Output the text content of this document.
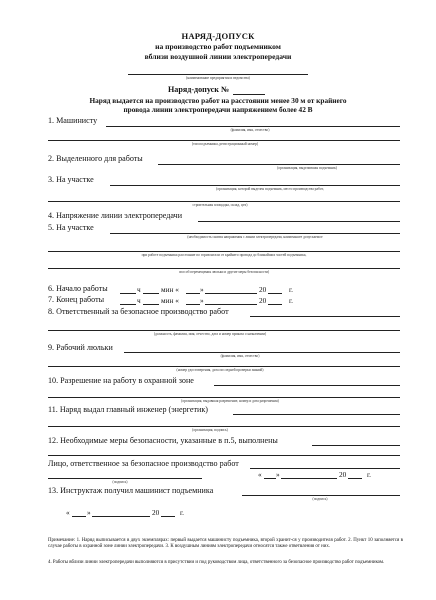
НАРЯД-ДОПУСК
на производство работ подъемником
вблизи воздушной линии электропередачи
(наименование предприятия и ведомства)
Наряд-допуск №
Наряд выдается на производство работ на расстоянии менее 30 м от крайнего
провода линии электропередачи напряжением более 42 В
1. Машинисту
(фамилия, имя, отчество)
(тип подъемника, регистрационный номер)
2. Выделенного для работы
(организация, выделившая подъемник)
3. На участке
(организация, которой выделен подъемник, место производства работ,
строительная площадка, склад, цех)
4. Напряжение линии электропередачи
5. На участке
(необходимость снятия напряжения с линии электропередачи, наименьшее допускаемое
при работе подъемника расстояние по горизонтали от крайнего провода до ближайших частей подъемника,
способ перемещения люльки и другие меры безопасности)
6. Начало работы	ч	мин «	»	20	г.
7. Конец работы	ч	мин «	»	20	г.
8. Ответственный за безопасное производство работ
(должность, фамилия, имя, отчество, дата и номер приказа о назначении)
9. Рабочий люльки
(фамилия, имя, отчество)
(номер удостоверения, дата последней проверки знаний)
10. Разрешение на работу в охранной зоне
(организация, выдавшая разрешение, номер и дата разрешения)
11. Наряд выдал главный инженер (энергетик)
(организация, подпись)
12. Необходимые меры безопасности, указанные в п.5, выполнены
Лицо, ответственное за безопасное производство работ
« »	20	г.
(подпись)
13. Инструктаж получил машинист подъемника
(подпись)
« »	20	г.
Примечание: 1. Наряд выписывается в двух экземплярах: первый выдается машинисту подъемника, второй хранит-ся у производителя работ. 2. Пункт 10 заполняется в случае работы в охранной зоне линии электропередачи. 3. К воздушным линиям электропередачи относятся также ответвления от них.
4. Работы вблизи линии электропередачи выполняются в присутствии и под руководством лица, ответственного за безопасное производство работ подъемником.
